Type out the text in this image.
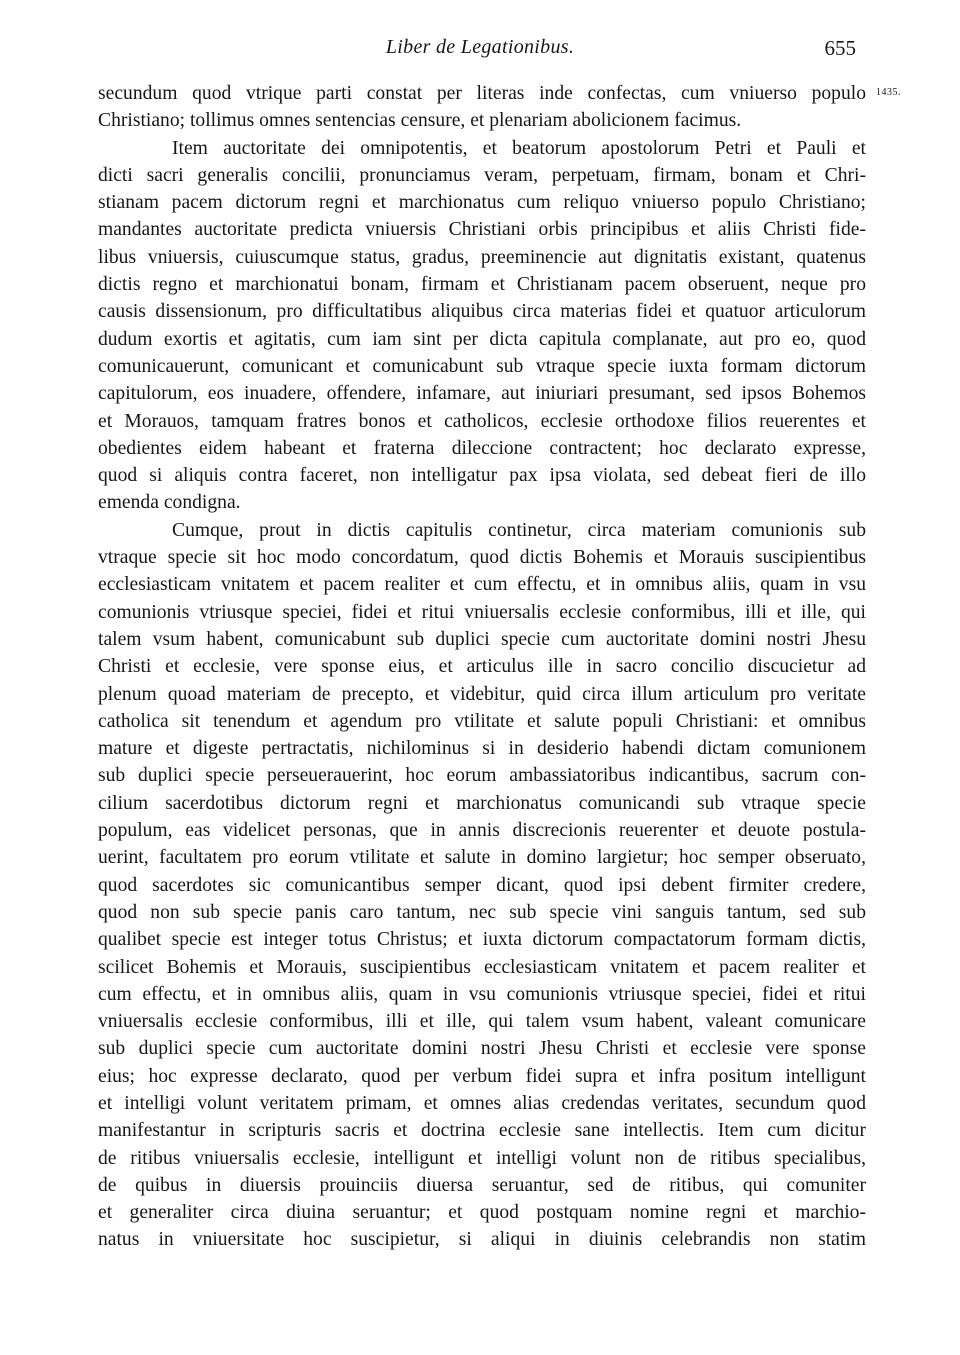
Liber de Legationibus.	655
1435.
secundum quod vtrique parti constat per literas inde confectas, cum vniuerso populo
Christiano; tollimus omnes sentencias censure, et plenariam abolicionem facimus.
Item auctoritate dei omnipotentis, et beatorum apostolorum Petri et Pauli et
dicti sacri generalis concilii, pronunciamus veram, perpetuam, firmam, bonam et Chri-
stianam pacem dictorum regni et marchionatus cum reliquo vniuerso populo Christiano;
mandantes auctoritate predicta vniuersis Christiani orbis principibus et aliis Christi fide-
libus vniuersis, cuiuscumque status, gradus, preeminencie aut dignitatis existant, quatenus
dictis regno et marchionatui bonam, firmam et Christianam pacem obseruent, neque pro
causis dissensionum, pro difficultatibus aliquibus circa materias fidei et quatuor articulorum
dudum exortis et agitatis, cum iam sint per dicta capitula complanate, aut pro eo, quod
comunicauerunt, comunicant et comunicabunt sub vtraque specie iuxta formam dictorum
capitulorum, eos inuadere, offendere, infamare, aut iniuriari presumant, sed ipsos Bohemos
et Morauos, tamquam fratres bonos et catholicos, ecclesie orthodoxe filios reuerentes et
obedientes eidem habeant et fraterna dileccione contractent; hoc declarato expresse,
quod si aliquis contra faceret, non intelligatur pax ipsa violata, sed debeat fieri de illo
emenda condigna.
Cumque, prout in dictis capitulis continetur, circa materiam comunionis sub
vtraque specie sit hoc modo concordatum, quod dictis Bohemis et Morauis suscipientibus
ecclesiasticam vnitatem et pacem realiter et cum effectu, et in omnibus aliis, quam in vsu
comunionis vtriusque speciei, fidei et ritui vniuersalis ecclesie conformibus, illi et ille, qui
talem vsum habent, comunicabunt sub duplici specie cum auctoritate domini nostri Jhesu
Christi et ecclesie, vere sponse eius, et articulus ille in sacro concilio discucietur ad
plenum quoad materiam de precepto, et videbitur, quid circa illum articulum pro veritate
catholica sit tenendum et agendum pro vtilitate et salute populi Christiani: et omnibus
mature et digeste pertractatis, nichilominus si in desiderio habendi dictam comunionem
sub duplici specie perseuerauerint, hoc eorum ambassiatoribus indicantibus, sacrum con-
cilium sacerdotibus dictorum regni et marchionatus comunicandi sub vtraque specie
populum, eas videlicet personas, que in annis discrecionis reuerenter et deuote postula-
uerint, facultatem pro eorum vtilitate et salute in domino largietur; hoc semper obseruato,
quod sacerdotes sic comunicantibus semper dicant, quod ipsi debent firmiter credere,
quod non sub specie panis caro tantum, nec sub specie vini sanguis tantum, sed sub
qualibet specie est integer totus Christus; et iuxta dictorum compactatorum formam dictis,
scilicet Bohemis et Morauis, suscipientibus ecclesiasticam vnitatem et pacem realiter et
cum effectu, et in omnibus aliis, quam in vsu comunionis vtriusque speciei, fidei et ritui
vniuersalis ecclesie conformibus, illi et ille, qui talem vsum habent, valeant comunicare
sub duplici specie cum auctoritate domini nostri Jhesu Christi et ecclesie vere sponse
eius; hoc expresse declarato, quod per verbum fidei supra et infra positum intelligunt
et intelligi volunt veritatem primam, et omnes alias credendas veritates, secundum quod
manifestantur in scripturis sacris et doctrina ecclesie sane intellectis. Item cum dicitur
de ritibus vniuersalis ecclesie, intelligunt et intelligi volunt non de ritibus specialibus,
de quibus in diuersis prouinciis diuersa seruantur, sed de ritibus, qui comuniter
et generaliter circa diuina seruantur; et quod postquam nomine regni et marchio-
natus in vniuersitate hoc suscipietur, si aliqui in diuinis celebrandis non statim
